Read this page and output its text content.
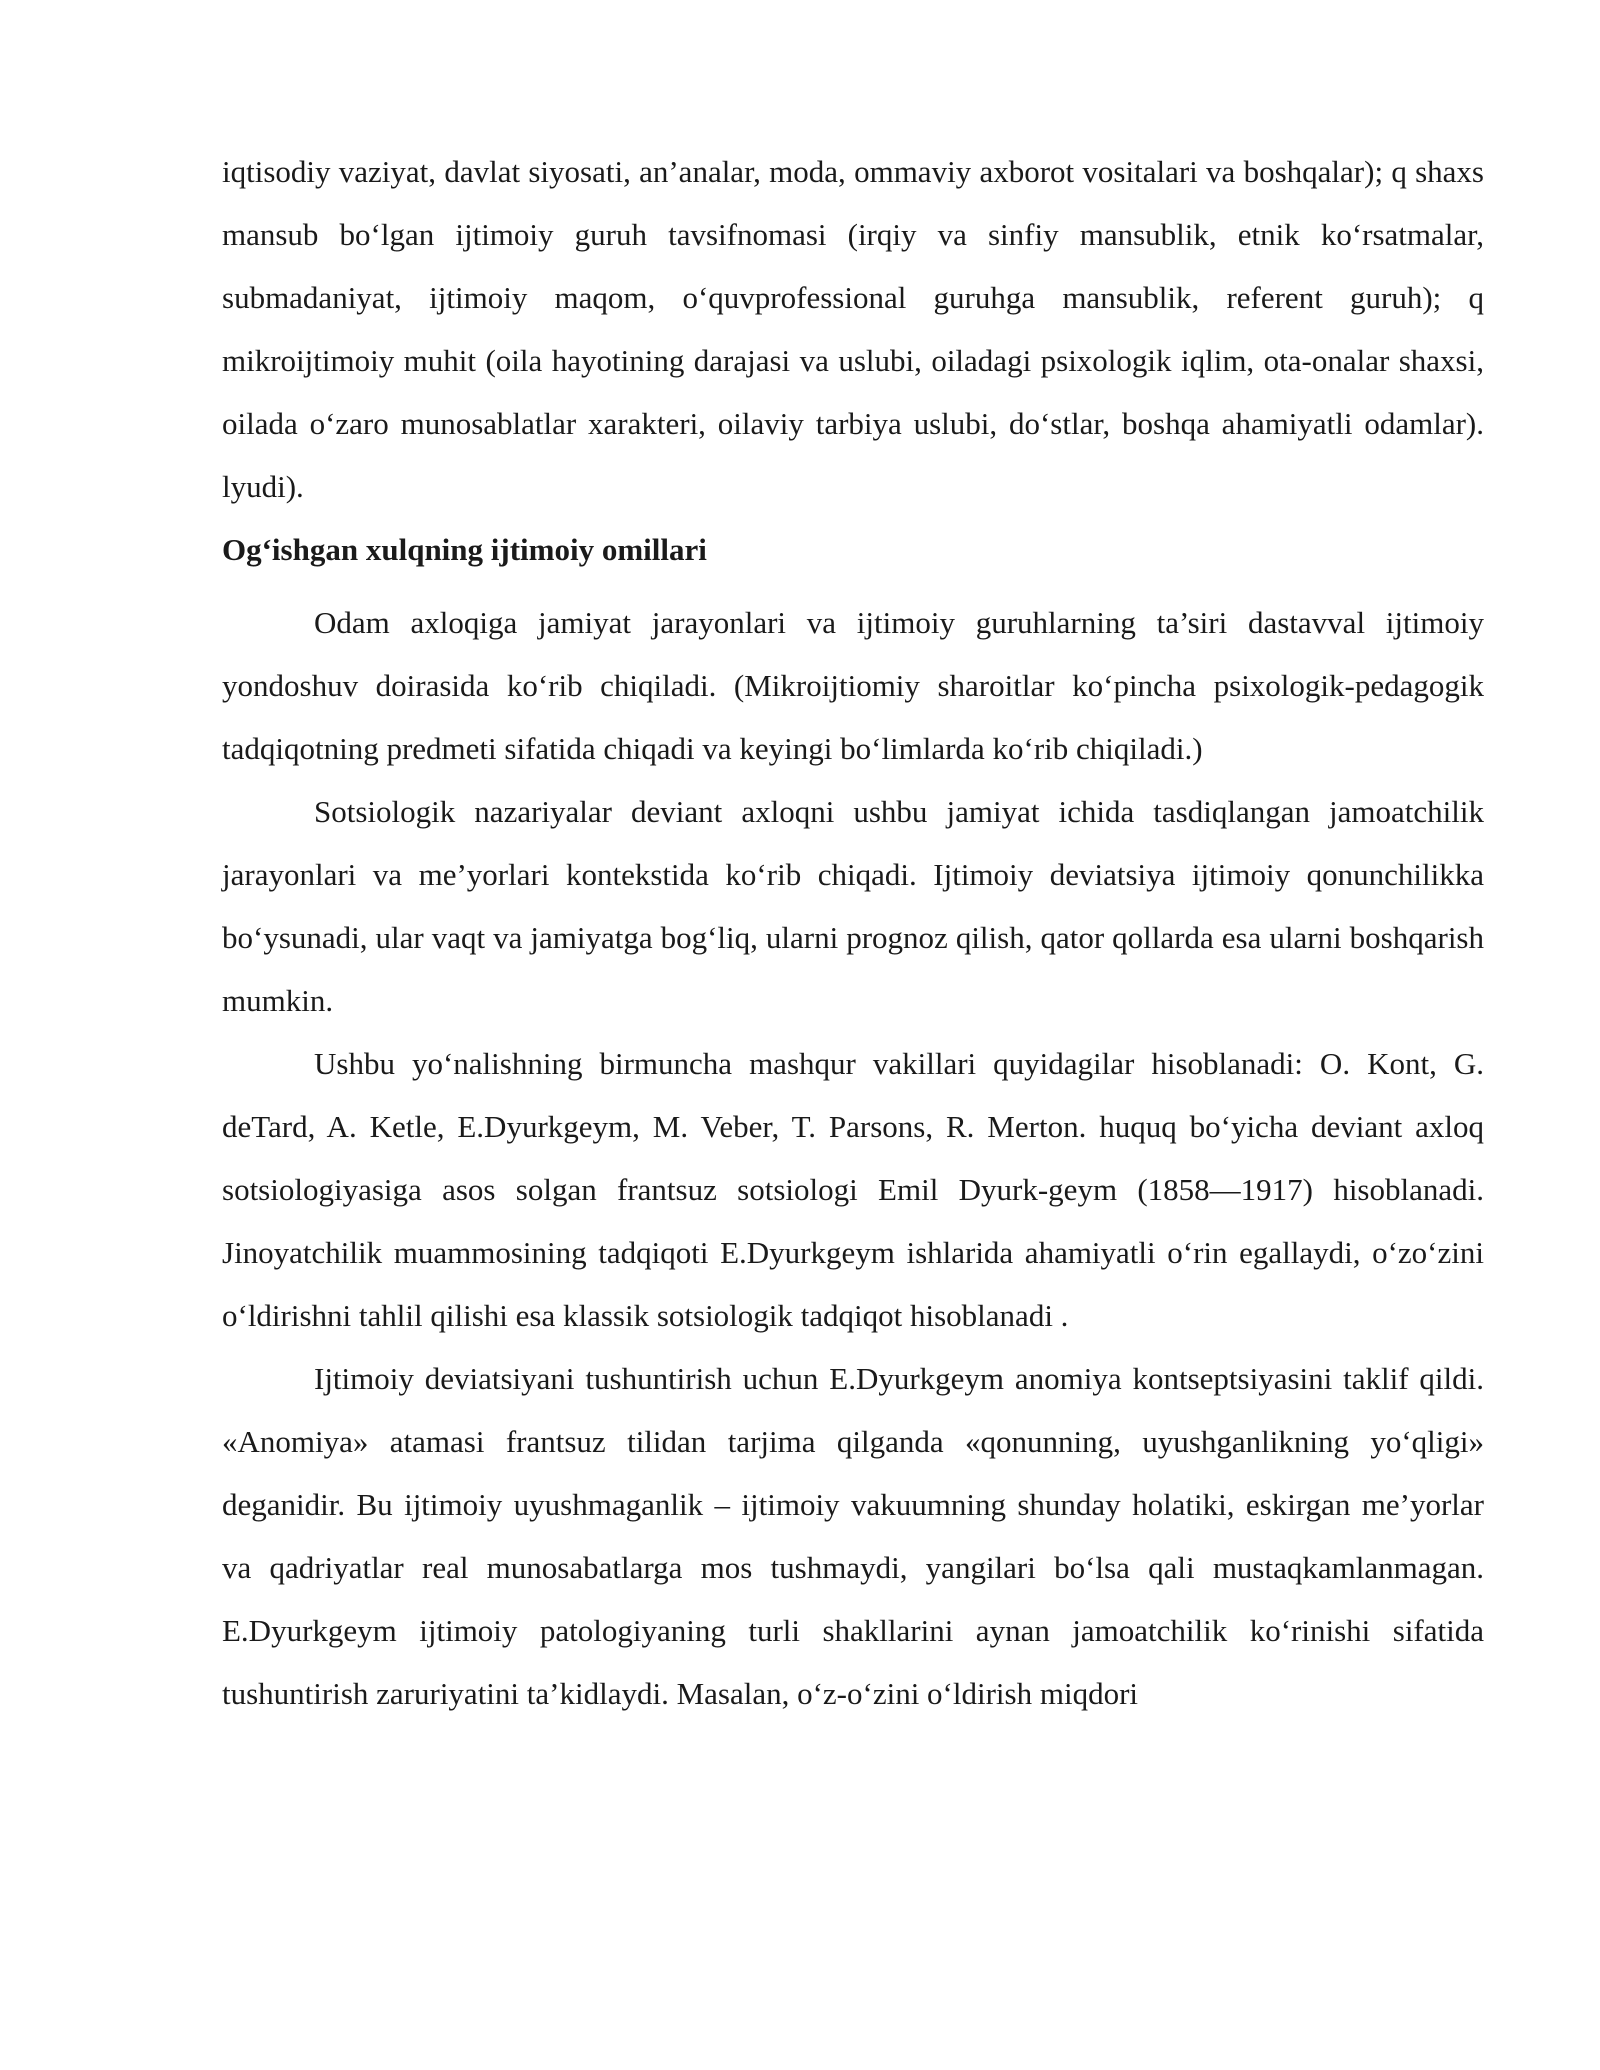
iqtisodiy vaziyat, davlat siyosati, an’analar, moda, ommaviy axborot vositalari va boshqalar); q shaxs mansub boʻlgan ijtimoiy guruh tavsifnomasi (irqiy va sinfiy mansublik, etnik koʻrsatmalar, submadaniyat, ijtimoiy maqom, oʻquvprofessional guruhga mansublik, referent guruh); q mikroijtimoiy muhit (oila hayotining darajasi va uslubi, oiladagi psixologik iqlim, ota-onalar shaxsi, oilada oʻzaro munosablatlar xarakteri, oilaviy tarbiya uslubi, doʻstlar, boshqa ahamiyatli odamlar). lyudi).

Ogʻishgan xulqning ijtimoiy omillari

Odam axloqiga jamiyat jarayonlari va ijtimoiy guruhlarning ta’siri dastavval ijtimoiy yondoshuv doirasida koʻrib chiqiladi. (Mikroijtiomiy sharoitlar koʻpincha psixologik-pedagogik tadqiqotning predmeti sifatida chiqadi va keyingi boʻlimlarda koʻrib chiqiladi.)

Sotsiologik nazariyalar deviant axloqni ushbu jamiyat ichida tasdiqlangan jamoatchilik jarayonlari va me’yorlari kontekstida koʻrib chiqadi. Ijtimoiy deviatsiya ijtimoiy qonunchilikka boʻysunadi, ular vaqt va jamiyatga bogʻliq, ularni prognoz qilish, qator qollarda esa ularni boshqarish mumkin.

Ushbu yoʻnalishning birmuncha mashqur vakillari quyidagilar hisoblanadi: O. Kont, G. deTard, A. Ketle, E.Dyurkgeym, M. Veber, T. Parsons, R. Merton. huquq boʻyicha deviant axloq sotsiologiyasiga asos solgan frantsuz sotsiologi Emil Dyurk-geym (1858—1917) hisoblanadi. Jinoyatchilik muammosining tadqiqoti E.Dyurkgeym ishlarida ahamiyatli oʻrin egallaydi, oʻzoʻzini oʻldirishni tahlil qilishi esa klassik sotsiologik tadqiqot hisoblanadi .

Ijtimoiy deviatsiyani tushuntirish uchun E.Dyurkgeym anomiya kontseptsiyasini taklif qildi. «Anomiya» atamasi frantsuz tilidan tarjima qilganda «qonunning, uyushganlikning yoʻqligi» deganidir. Bu ijtimoiy uyushmaganlik – ijtimoiy vakuumning shunday holatiki, eskirgan me’yorlar va qadriyatlar real munosabatlarga mos tushmaydi, yangilari boʻlsa qali mustaqkamlanmagan. E.Dyurkgeym ijtimoiy patologiyaning turli shakllarini aynan jamoatchilik koʻrinishi sifatida tushuntirish zaruriyatini ta’kidlaydi. Masalan, oʻz-oʻzini oʻldirish miqdori
